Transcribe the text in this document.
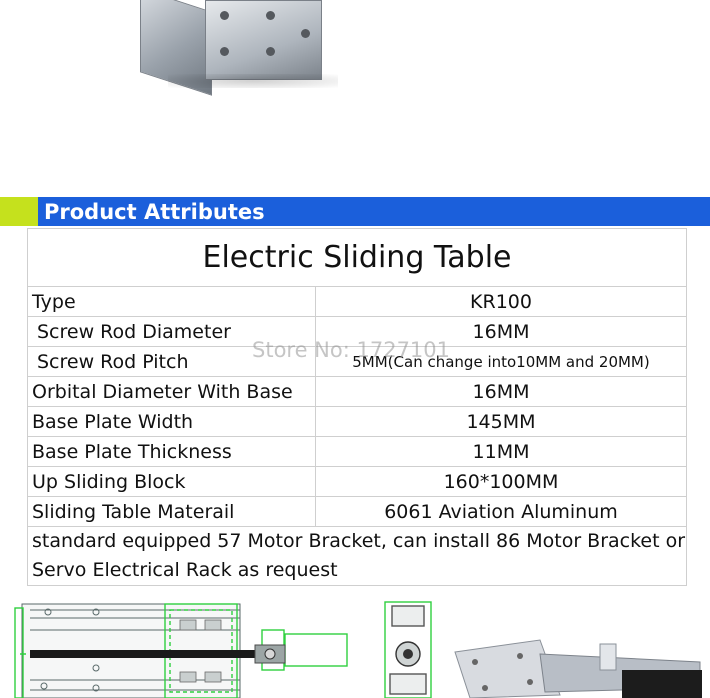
Product Attributes
Electric Sliding Table	
Type	KR100
Screw Rod Diameter	16MM
Screw Rod Pitch	5MM(Can change into10MM and 20MM)
Orbital Diameter With Base	16MM
Base Plate Width	145MM
Base Plate Thickness	11MM
Up Sliding Block	160*100MM
Sliding Table Materail	6061 Aviation Aluminum
standard equipped 57 Motor Bracket, can install 86 Motor Bracket or Servo Electrical Rack as request	
Store No: 1727101
